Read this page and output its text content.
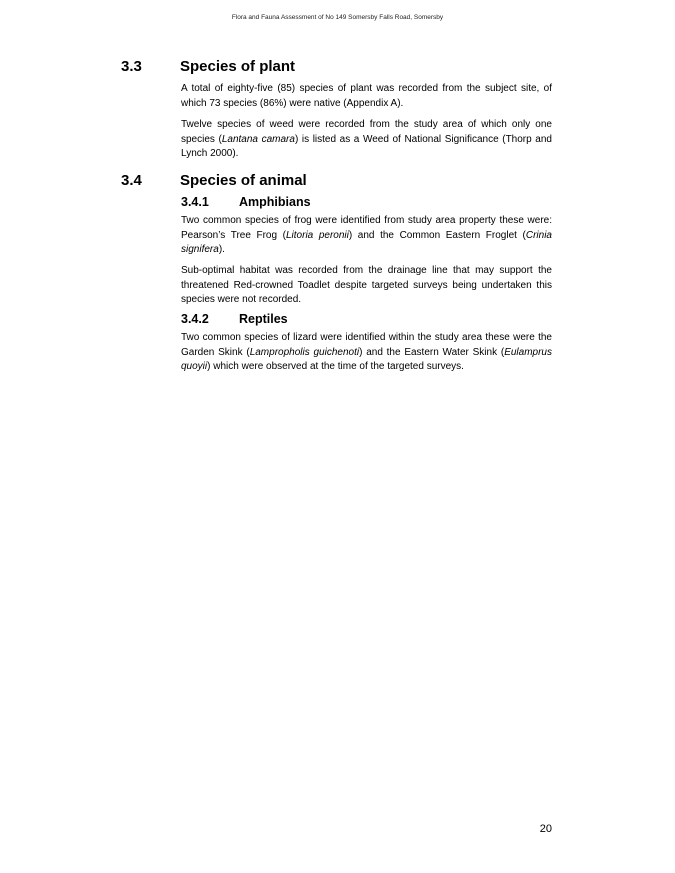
Flora and Fauna Assessment of No 149 Somersby Falls Road, Somersby
3.3	Species of plant

A total of eighty-five (85) species of plant was recorded from the subject site, of which 73 species (86%) were native (Appendix A).

Twelve species of weed were recorded from the study area of which only one species (Lantana camara) is listed as a Weed of National Significance (Thorp and Lynch 2000).

3.4	Species of animal
3.4.1 Amphibians

Two common species of frog were identified from study area property these were: Pearson’s Tree Frog (Litoria peronii) and the Common Eastern Froglet (Crinia signifera).

Sub-optimal habitat was recorded from the drainage line that may support the threatened Red-crowned Toadlet despite targeted surveys being undertaken this species were not recorded.

3.4.2 Reptiles

Two common species of lizard were identified within the study area these were the Garden Skink (Lampropholis guichenoti) and the Eastern Water Skink (Eulamprus quoyii) which were observed at the time of the targeted surveys.

20
